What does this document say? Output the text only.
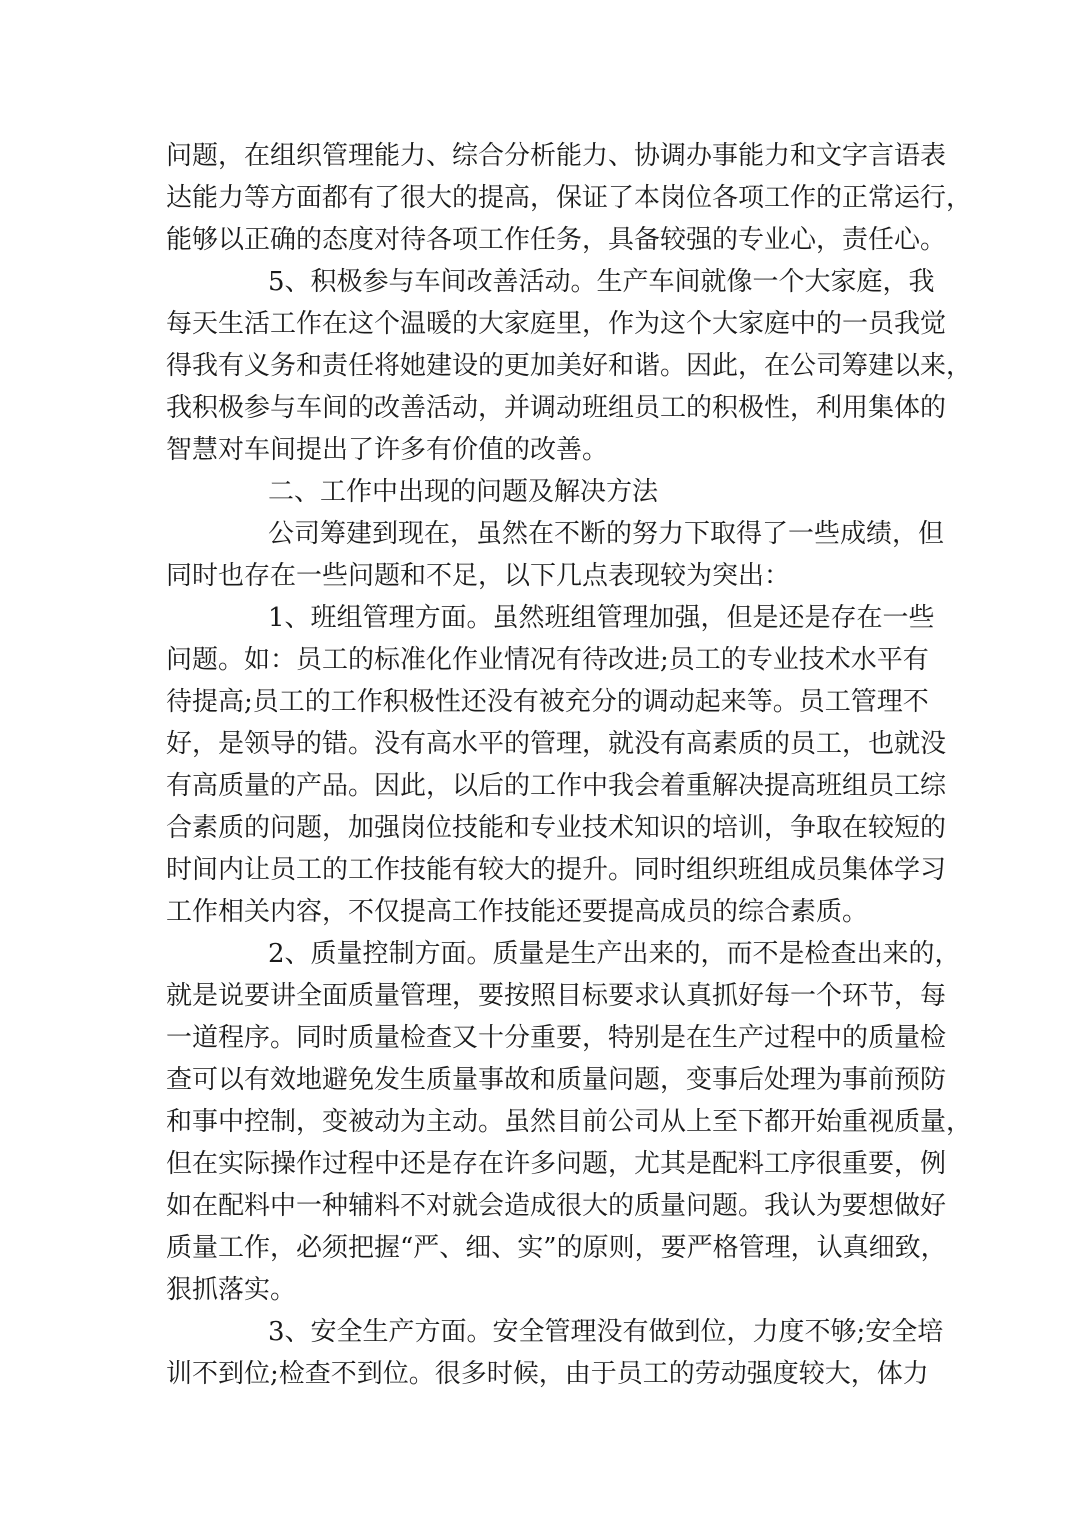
问题，在组织管理能力、综合分析能力、协调办事能力和文字言语表
达能力等方面都有了很大的提高，保证了本岗位各项工作的正常运行，
能够以正确的态度对待各项工作任务，具备较强的专业心，责任心。
5、积极参与车间改善活动。生产车间就像一个大家庭，我
每天生活工作在这个温暖的大家庭里，作为这个大家庭中的一员我觉
得我有义务和责任将她建设的更加美好和谐。因此，在公司筹建以来，
我积极参与车间的改善活动，并调动班组员工的积极性，利用集体的
智慧对车间提出了许多有价值的改善。
二、工作中出现的问题及解决方法
公司筹建到现在，虽然在不断的努力下取得了一些成绩，但
同时也存在一些问题和不足，以下几点表现较为突出：
1、班组管理方面。虽然班组管理加强，但是还是存在一些
问题。如：员工的标准化作业情况有待改进;员工的专业技术水平有
待提高;员工的工作积极性还没有被充分的调动起来等。员工管理不
好，是领导的错。没有高水平的管理，就没有高素质的员工，也就没
有高质量的产品。因此，以后的工作中我会着重解决提高班组员工综
合素质的问题，加强岗位技能和专业技术知识的培训，争取在较短的
时间内让员工的工作技能有较大的提升。同时组织班组成员集体学习
工作相关内容，不仅提高工作技能还要提高成员的综合素质。
2、质量控制方面。质量是生产出来的，而不是检查出来的，
就是说要讲全面质量管理，要按照目标要求认真抓好每一个环节，每
一道程序。同时质量检查又十分重要，特别是在生产过程中的质量检
查可以有效地避免发生质量事故和质量问题，变事后处理为事前预防
和事中控制，变被动为主动。虽然目前公司从上至下都开始重视质量，
但在实际操作过程中还是存在许多问题，尤其是配料工序很重要，例
如在配料中一种辅料不对就会造成很大的质量问题。我认为要想做好
质量工作，必须把握“严、细、实”的原则，要严格管理，认真细致，
狠抓落实。
3、安全生产方面。安全管理没有做到位，力度不够;安全培
训不到位;检查不到位。很多时候，由于员工的劳动强度较大，体力
